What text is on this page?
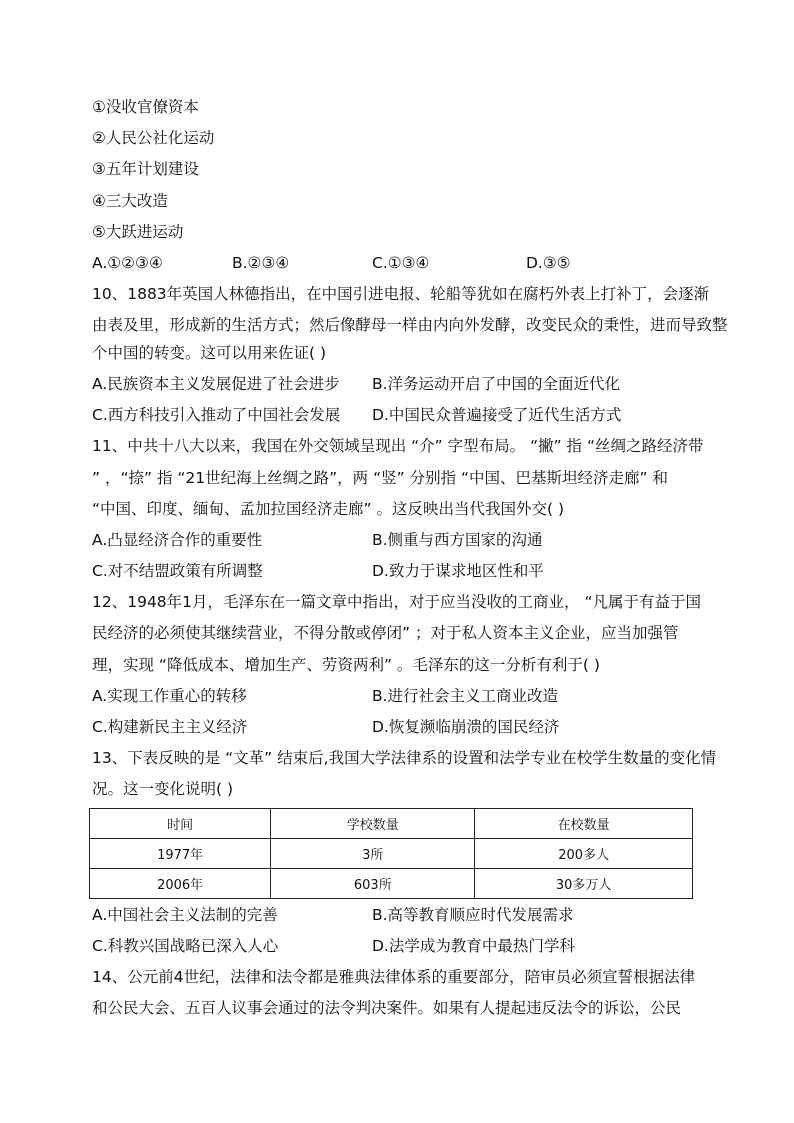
①没收官僚资本
②人民公社化运动
③五年计划建设
④三大改造
⑤大跃进运动
A.①②③④	B.②③④	C.①③④	D.③⑤
10、1883年英国人林德指出，在中国引进电报、轮船等犹如在腐朽外表上打补丁，会逐渐
由表及里，形成新的生活方式；然后像酵母一样由内向外发酵，改变民众的秉性，进而导致整
个中国的转变。这可以用来佐证( )
A.民族资本主义发展促进了社会进步 B.洋务运动开启了中国的全面近代化
C.西方科技引入推动了中国社会发展 D.中国民众普遍接受了近代生活方式
11、中共十八大以来，我国在外交领域呈现出 “介” 字型布局。 “撇” 指 “丝绸之路经济带
” ，“捺” 指 “21世纪海上丝绸之路”，两 “竖” 分别指 “中国、巴基斯坦经济走廊” 和
“中国、印度、缅甸、孟加拉国经济走廊” 。这反映出当代我国外交( )
A.凸显经济合作的重要性	B.侧重与西方国家的沟通
C.对不结盟政策有所调整	D.致力于谋求地区性和平
12、1948年1月，毛泽东在一篇文章中指出，对于应当没收的工商业， “凡属于有益于国
民经济的必须使其继续营业，不得分散或停闭” ；对于私人资本主义企业，应当加强管
理，实现 “降低成本、增加生产、劳资两利” 。毛泽东的这一分析有利于( )
A.实现工作重心的转移	B.进行社会主义工商业改造
C.构建新民主主义经济	D.恢复濒临崩溃的国民经济
13、下表反映的是 “文革” 结束后,我国大学法律系的设置和法学专业在校学生数量的变化情
况。这一变化说明( )
时间	学校数量	在校数量
1977年	3所	200多人
2006年	603所	30多万人
A.中国社会主义法制的完善	B.高等教育顺应时代发展需求
C.科教兴国战略已深入人心	D.法学成为教育中最热门学科
14、公元前4世纪，法律和法令都是雅典法律体系的重要部分，陪审员必须宣誓根据法律
和公民大会、五百人议事会通过的法令判决案件。如果有人提起违反法令的诉讼，公民
